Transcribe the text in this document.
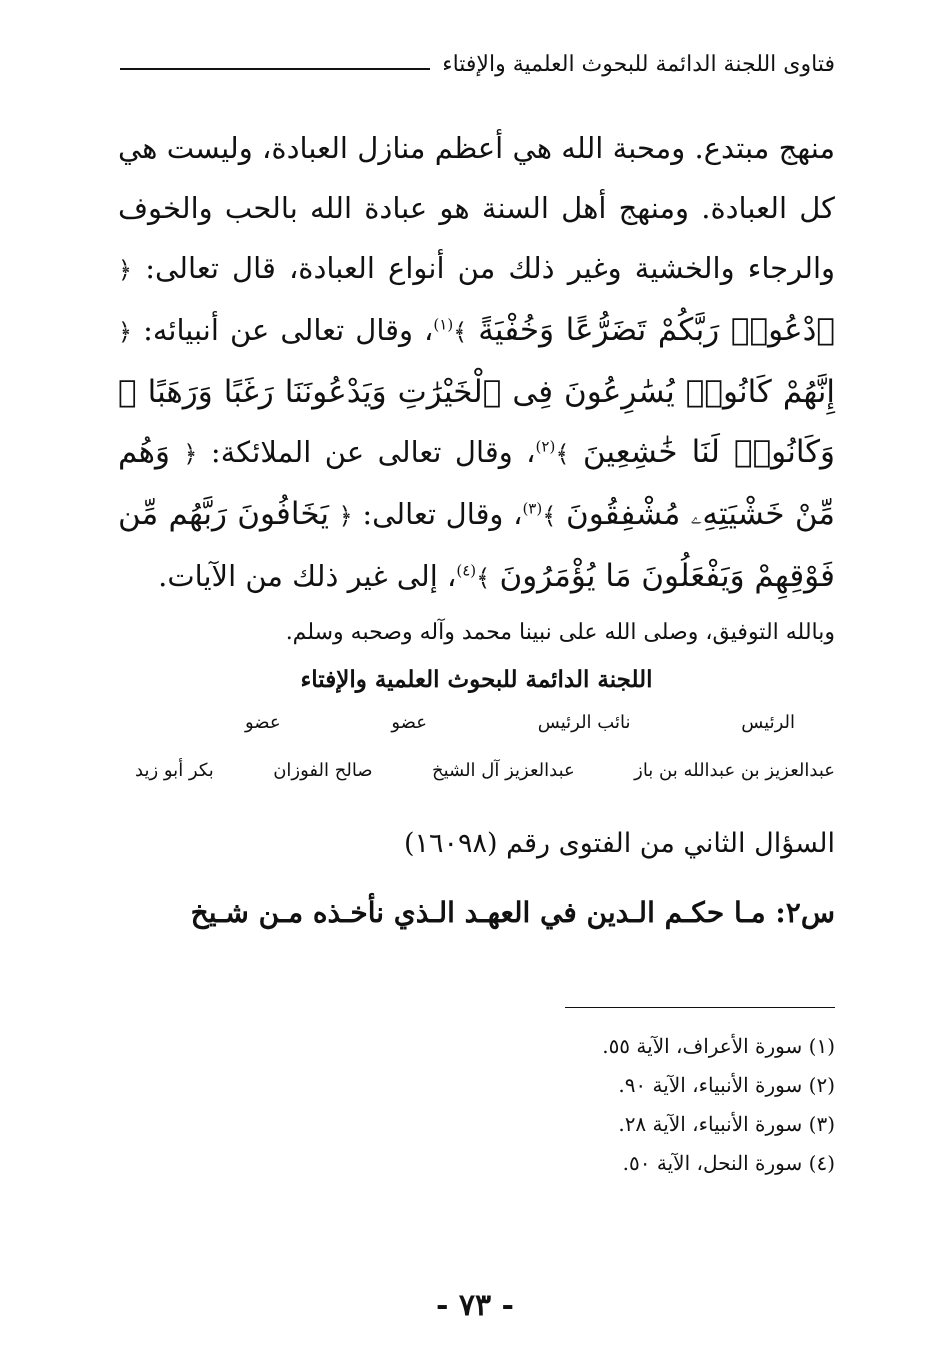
فتاوى اللجنة الدائمة للبحوث العلمية والإفتاء
منهج مبتدع. ومحبة الله هي أعظم منازل العبادة، وليست هي كل العبادة. ومنهج أهل السنة هو عبادة الله بالحب والخوف والرجاء والخشية وغير ذلك من أنواع العبادة، قال تعالى: ﴿ ٱدْعُوا۟ رَبَّكُمْ تَضَرُّعًا وَخُفْيَةً ﴾$^{(١)}$، وقال تعالى عن أنبيائه: ﴿ إِنَّهُمْ كَانُوا۟ يُسَٰرِعُونَ فِى ٱلْخَيْرَٰتِ وَيَدْعُونَنَا رَغَبًا وَرَهَبًا ۖ وَكَانُوا۟ لَنَا خَٰشِعِينَ ﴾$^{(٢)}$، وقال تعالى عن الملائكة: ﴿ وَهُم مِّنْ خَشْيَتِهِۦ مُشْفِقُونَ ﴾$^{(٣)}$، وقال تعالى: ﴿ يَخَافُونَ رَبَّهُم مِّن فَوْقِهِمْ وَيَفْعَلُونَ مَا يُؤْمَرُونَ ﴾$^{(٤)}$، إلى غير ذلك من الآيات.
وبالله التوفيق، وصلى الله على نبينا محمد وآله وصحبه وسلم.
اللجنة الدائمة للبحوث العلمية والإفتاء
الرئيس
نائب الرئيس
عضو
عضو
عبدالعزيز بن عبدالله بن باز
عبدالعزيز آل الشيخ
صالح الفوزان
بكر أبو زيد
السؤال الثاني من الفتوى رقم (١٦٠٩٨)
س٢: مـا حكـم الـدين في العهـد الـذي نأخـذه مـن شـيخ
(١) سورة الأعراف، الآية ٥٥.
(٢) سورة الأنبياء، الآية ٩٠.
(٣) سورة الأنبياء، الآية ٢٨.
(٤) سورة النحل، الآية ٥٠.
- ٧٣ -
